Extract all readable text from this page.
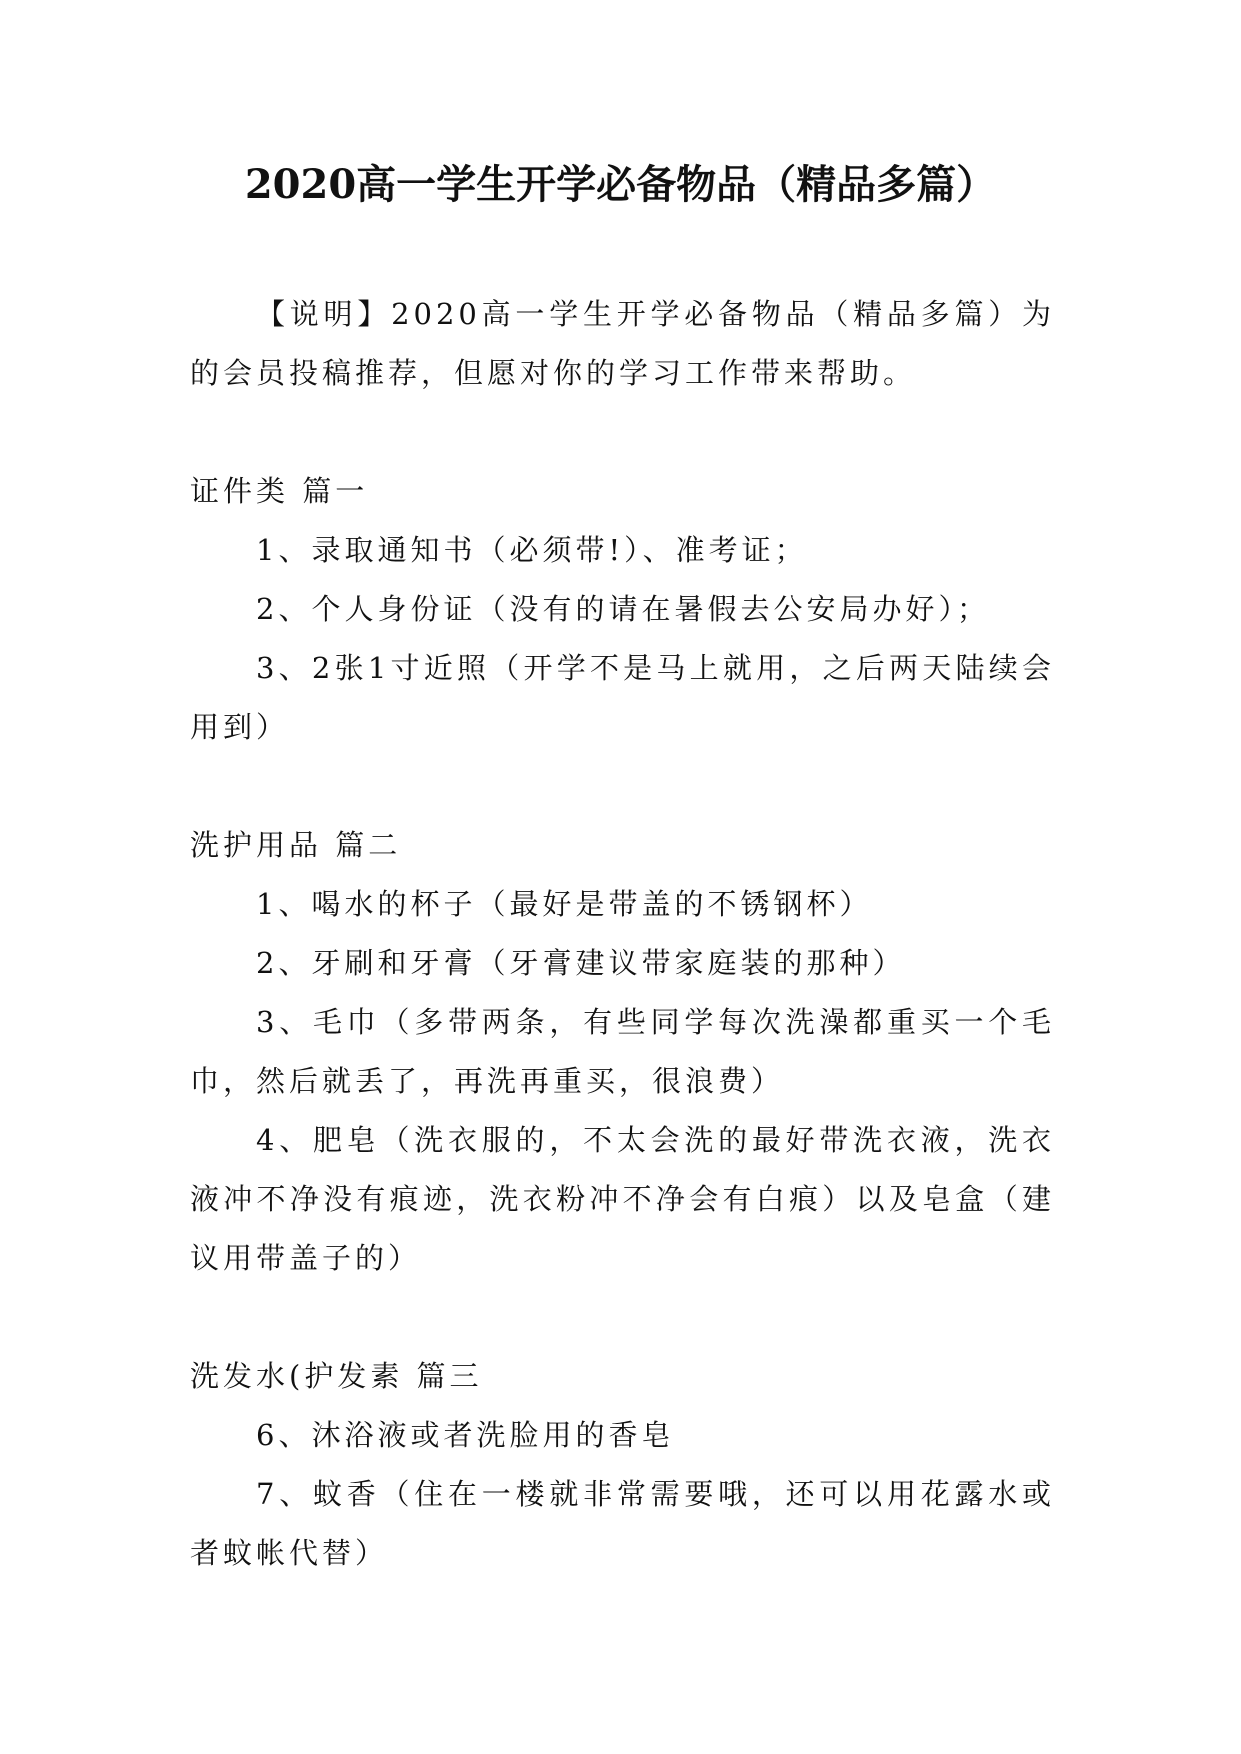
2020高一学生开学必备物品（精品多篇）

【说明】2020高一学生开学必备物品（精品多篇）为的会员投稿推荐，但愿对你的学习工作带来帮助。

证件类 篇一

1、录取通知书（必须带!）、准考证；

2、个人身份证（没有的请在暑假去公安局办好）；

3、2张1寸近照（开学不是马上就用，之后两天陆续会用到）

洗护用品 篇二

1、喝水的杯子（最好是带盖的不锈钢杯）

2、牙刷和牙膏（牙膏建议带家庭装的那种）

3、毛巾（多带两条，有些同学每次洗澡都重买一个毛巾，然后就丢了，再洗再重买，很浪费）

4、肥皂（洗衣服的，不太会洗的最好带洗衣液，洗衣液冲不净没有痕迹，洗衣粉冲不净会有白痕）以及皂盒（建议用带盖子的）

洗发水(护发素 篇三

6、沐浴液或者洗脸用的香皂

7、蚊香（住在一楼就非常需要哦，还可以用花露水或者蚊帐代替）
